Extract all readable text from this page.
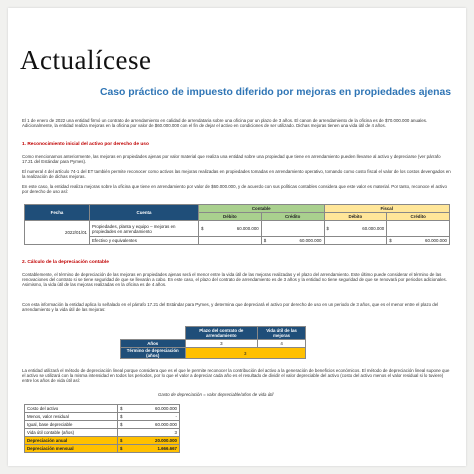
Actualícese
Caso práctico de impuesto diferido por mejoras en propiedades ajenas
El 1 de enero de 2022 una entidad firmó un contrato de arrendamiento en calidad de arrendataria sobre una oficina por un plazo de 3 años. El canon de arrendamiento de la oficina es de $70.000.000 anuales. Adicionalmente, la entidad realiza mejoras en la oficina por valor de $60.000.000 con el fin de dejar el activo en condiciones de ser utilizado. Dichas mejoras tienen una vida útil de 4 años.
1. Reconocimiento inicial del activo por derecho de uso
Como mencionamos anteriormente, las mejoras en propiedades ajenas por valor material que realiza una entidad sobre una propiedad que tiene en arrendamiento pueden llevarse al activo y depreciarse (ver párrafo 17.21 del Estándar para Pymes).
El numeral 4 del artículo 74-1 del ET también permite reconocer como activos las mejoras realizadas en propiedades tomadas en arrendamiento operativo, tomando como costo fiscal el valor de los costos devengados en la realización de dichas mejoras.
En este caso, la entidad realiza mejoras sobre la oficina que tiene en arrendamiento por valor de $60.000.000, y de acuerdo con sus políticas contables considera que este valor es material. Por tanto, reconoce el activo por derecho de uso así:
Fecha	Cuenta	Contable				Fiscal			
		Débito		Crédito		Débito		Crédito	
2022/01/01	Propiedades, planta y equipo – mejoras en propiedades en arrendamiento	$	60.000.000			$	60.000.000		
	Efectivo y equivalentes			$	60.000.000			$	60.000.000
2. Cálculo de la depreciación contable
Contablemente, el término de depreciación de las mejoras en propiedades ajenas será el menor entre la vida útil de las mejoras realizadas y el plazo del arrendamiento. Este último puede considerar el término de las renovaciones del contrato si se tiene seguridad de que se llevarán a cabo. En este caso, el plazo del contrato de arrendamiento es de 3 años y la entidad no tiene seguridad de que se renovará por periodos adicionales. Asimismo, la vida útil de las mejoras realizadas en la oficina es de 4 años.
Con esta información la entidad aplica lo señalado en el párrafo 17.21 del Estándar para Pymes, y determina que depreciará el activo por derecho de uso en un periodo de 3 años, que es el menor entre el plazo del arrendamiento y la vida útil de las mejoras:
	Plazo del contrato de arrendamiento	Vida útil de las mejoras
Años	3	4
Término de depreciación (años)	3	
La entidad utilizará el método de depreciación lineal porque considera que es el que le permite reconocer la contribución del activo a la generación de beneficios económicos. El método de depreciación lineal supone que el activo se utilizará con la misma intensidad en todos los periodos, por lo que el valor a depreciar cada año es el resultado de dividir el valor depreciable del activo (costo del activo menos el valor residual si lo tuviere) entre los años de vida útil así:
Gasto de depreciación = valor depreciable/años de vida útil
Costo del activo	$	60.000.000
Menos, valor residual	$	-
Igual, base depreciable	$	60.000.000
Vida útil contable (años)		3
Depreciación anual	$	20.000.000
Depreciación mensual	$	1.666.667
